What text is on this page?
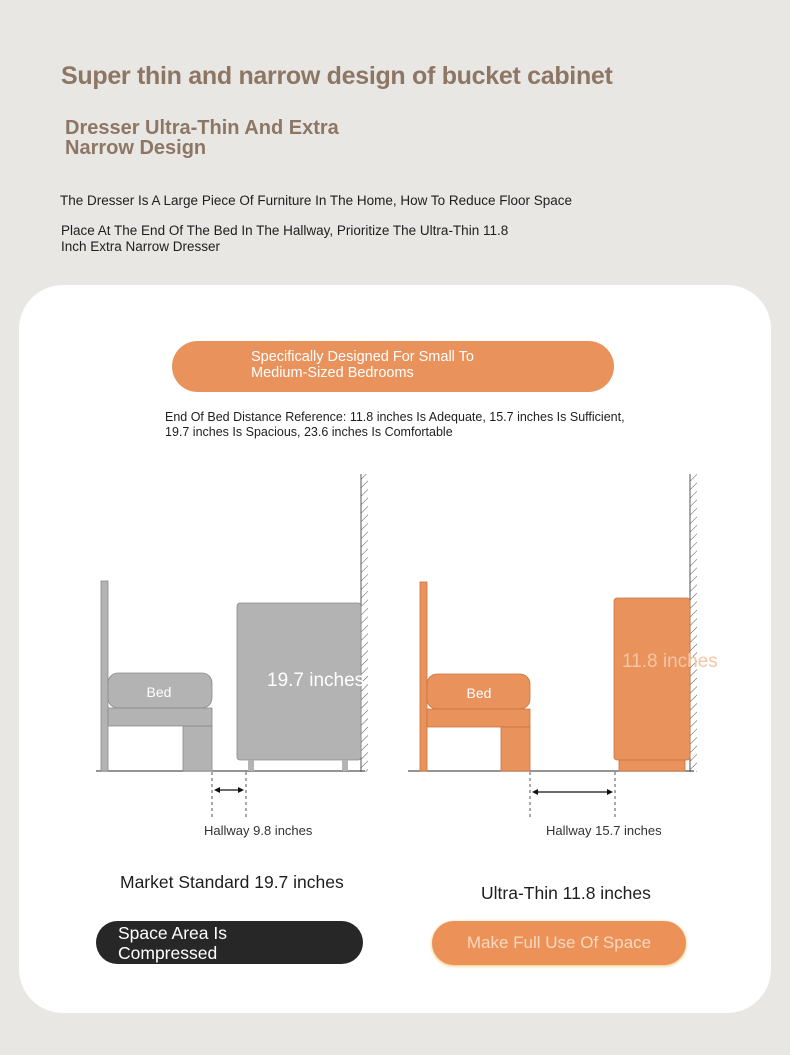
Super thin and narrow design of bucket cabinet
Dresser Ultra-Thin And Extra Narrow Design
The Dresser Is A Large Piece Of Furniture In The Home, How To Reduce Floor Space
Place At The End Of The Bed In The Hallway, Prioritize The Ultra-Thin 11.8 Inch Extra Narrow Dresser
Specifically Designed For Small To Medium-Sized Bedrooms
End Of Bed Distance Reference: 11.8 inches Is Adequate, 15.7 inches Is Sufficient, 19.7 inches Is Spacious, 23.6 inches Is Comfortable
Bed
19.7 inches
Hallway 9.8 inches
Bed
11.8 inches
Hallway 15.7 inches
Market Standard 19.7 inches
Ultra-Thin 11.8 inches
Space Area Is Compressed
Make Full Use Of Space
